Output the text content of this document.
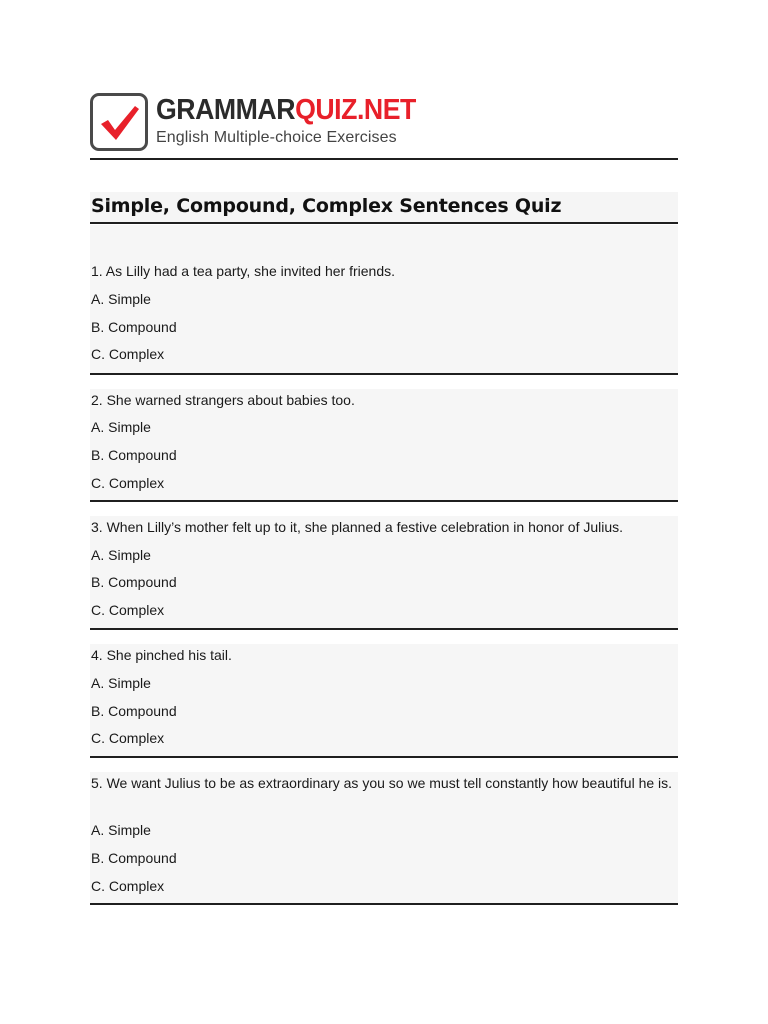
GRAMMARQUIZ.NET
English Multiple-choice Exercises
Simple, Compound, Complex Sentences Quiz
1. As Lilly had a tea party, she invited her friends.
A. Simple
B. Compound
C. Complex
2. She warned strangers about babies too.
A. Simple
B. Compound
C. Complex
3. When Lilly’s mother felt up to it, she planned a festive celebration in honor of Julius.
A. Simple
B. Compound
C. Complex
4. She pinched his tail.
A. Simple
B. Compound
C. Complex
5. We want Julius to be as extraordinary as you so we must tell constantly how beautiful he is.
A. Simple
B. Compound
C. Complex
